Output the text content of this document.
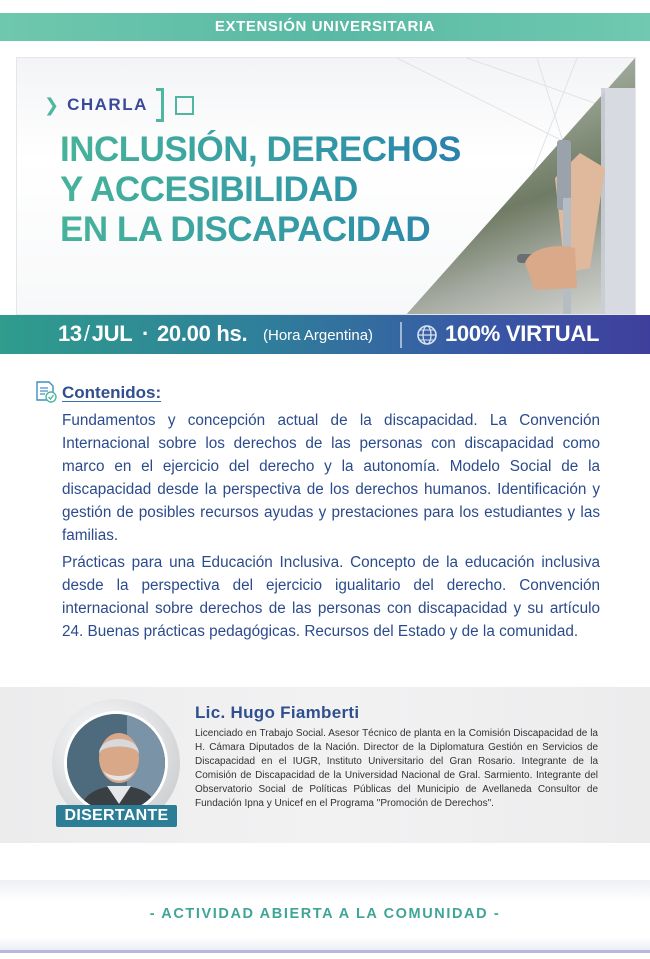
EXTENSIÓN UNIVERSITARIA
❯ CHARLA
INCLUSIÓN, DERECHOS
Y ACCESIBILIDAD
EN LA DISCAPACIDAD
13/JUL · 20.00 hs. (Hora Argentina)	100% VIRTUAL
Contenidos:

Fundamentos y concepción actual de la discapacidad. La Convención Internacional sobre los derechos de las personas con discapacidad como marco en el ejercicio del derecho y la autonomía. Modelo Social de la discapacidad desde la perspectiva de los derechos humanos. Identificación y gestión de posibles recursos ayudas y prestaciones para los estudiantes y las familias.

Prácticas para una Educación Inclusiva. Concepto de la educación inclusiva desde la perspectiva del ejercicio igualitario del derecho. Convención internacional sobre derechos de las personas con discapacidad y su artículo 24. Buenas prácticas pedagógicas. Recursos del Estado y de la comunidad.

DISERTANTE
Lic. Hugo Fiamberti

Licenciado en Trabajo Social. Asesor Técnico de planta en la Comisión Discapacidad de la H. Cámara Diputados de la Nación. Director de la Diplomatura Gestión en Servicios de Discapacidad en el IUGR, Instituto Universitario del Gran Rosario. Integrante de la Comisión de Discapacidad de la Universidad Nacional de Gral. Sarmiento. Integrante del Observatorio Social de Políticas Públicas del Municipio de Avellaneda Consultor de Fundación Ipna y Unicef en el Programa "Promoción de Derechos".

- ACTIVIDAD ABIERTA A LA COMUNIDAD -
